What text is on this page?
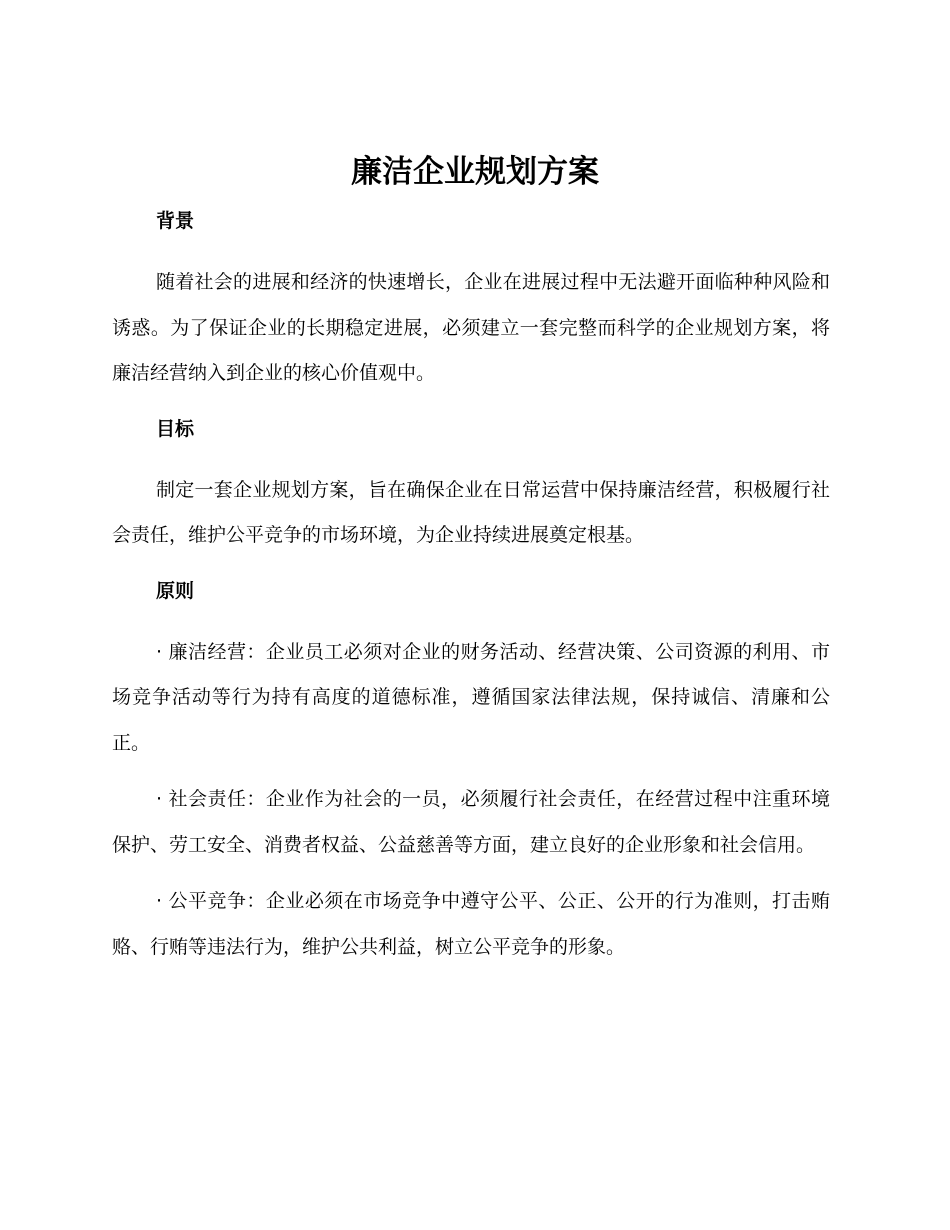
廉洁企业规划方案
背景

随着社会的进展和经济的快速增长，企业在进展过程中无法避开面临种种风险和诱惑。为了保证企业的长期稳定进展，必须建立一套完整而科学的企业规划方案，将廉洁经营纳入到企业的核心价值观中。

目标

制定一套企业规划方案，旨在确保企业在日常运营中保持廉洁经营，积极履行社会责任，维护公平竞争的市场环境，为企业持续进展奠定根基。

原则

· 廉洁经营：企业员工必须对企业的财务活动、经营决策、公司资源的利用、市场竞争活动等行为持有高度的道德标准，遵循国家法律法规，保持诚信、清廉和公正。

· 社会责任：企业作为社会的一员，必须履行社会责任，在经营过程中注重环境保护、劳工安全、消费者权益、公益慈善等方面，建立良好的企业形象和社会信用。

· 公平竞争：企业必须在市场竞争中遵守公平、公正、公开的行为准则，打击贿赂、行贿等违法行为，维护公共利益，树立公平竞争的形象。
